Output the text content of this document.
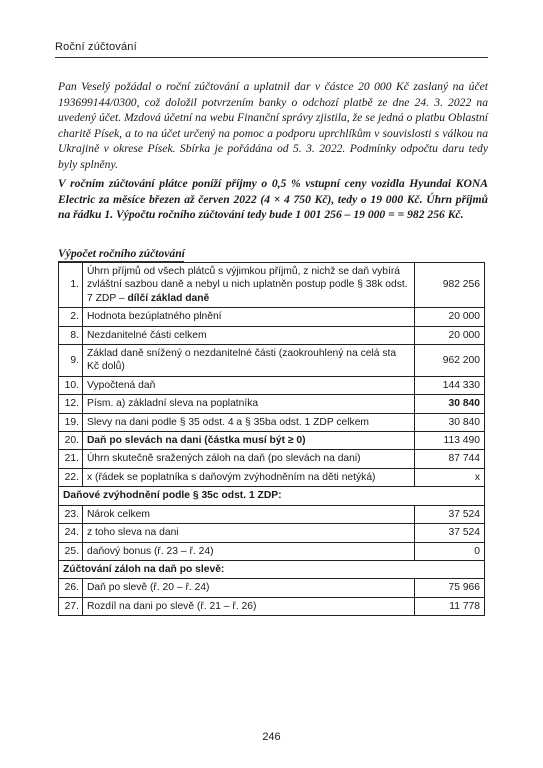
Roční zúčtování
Pan Veselý požádal o roční zúčtování a uplatnil dar v částce 20 000 Kč zaslaný na účet 193699144/0300, což doložil potvrzením banky o odchozí platbě ze dne 24. 3. 2022 na uvedený účet. Mzdová účetní na webu Finanční správy zjistila, že se jedná o platbu Oblastní charitě Písek, a to na účet určený na pomoc a podporu uprchlíkům v souvislosti s válkou na Ukrajině v okrese Písek. Sbírka je pořádána od 5. 3. 2022. Podmínky odpočtu daru tedy byly splněny.
V ročním zúčtování plátce poníží příjmy o 0,5 % vstupní ceny vozidla Hyundai KONA Electric za měsíce březen až červen 2022 (4 × 4 750 Kč), tedy o 19 000 Kč. Úhrn příjmů na řádku 1. Výpočtu ročního zúčtování tedy bude 1 001 256 – 19 000 = = 982 256 Kč.
Výpočet ročního zúčtování
1.	Úhrn příjmů od všech plátců s výjimkou příjmů, z nichž se daň vybírá zvláštní sazbou daně a nebyl u nich uplatněn postup podle § 38k odst. 7 ZDP – dílčí základ daně	982 256
2.	Hodnota bezúplatného plnění	20 000
8.	Nezdanitelné části celkem	20 000
9.	Základ daně snížený o nezdanitelné části (zaokrouhlený na celá sta Kč dolů)	962 200
10.	Vypočtená daň	144 330
12.	Písm. a) základní sleva na poplatníka	30 840
19.	Slevy na dani podle § 35 odst. 4 a § 35ba odst. 1 ZDP celkem	30 840
20.	Daň po slevách na dani (částka musí být ≥ 0)	113 490
21.	Úhrn skutečně sražených záloh na daň (po slevách na dani)	87 744
22.	x (řádek se poplatníka s daňovým zvýhodněním na děti netýká)	x
Daňové zvýhodnění podle § 35c odst. 1 ZDP:		
23.	Nárok celkem	37 524
24.	z toho sleva na dani	37 524
25.	daňový bonus (ř. 23 – ř. 24)	0
Zúčtování záloh na daň po slevě:		
26.	Daň po slevě (ř. 20 – ř. 24)	75 966
27.	Rozdíl na dani po slevě (ř. 21 – ř. 26)	11 778
246
